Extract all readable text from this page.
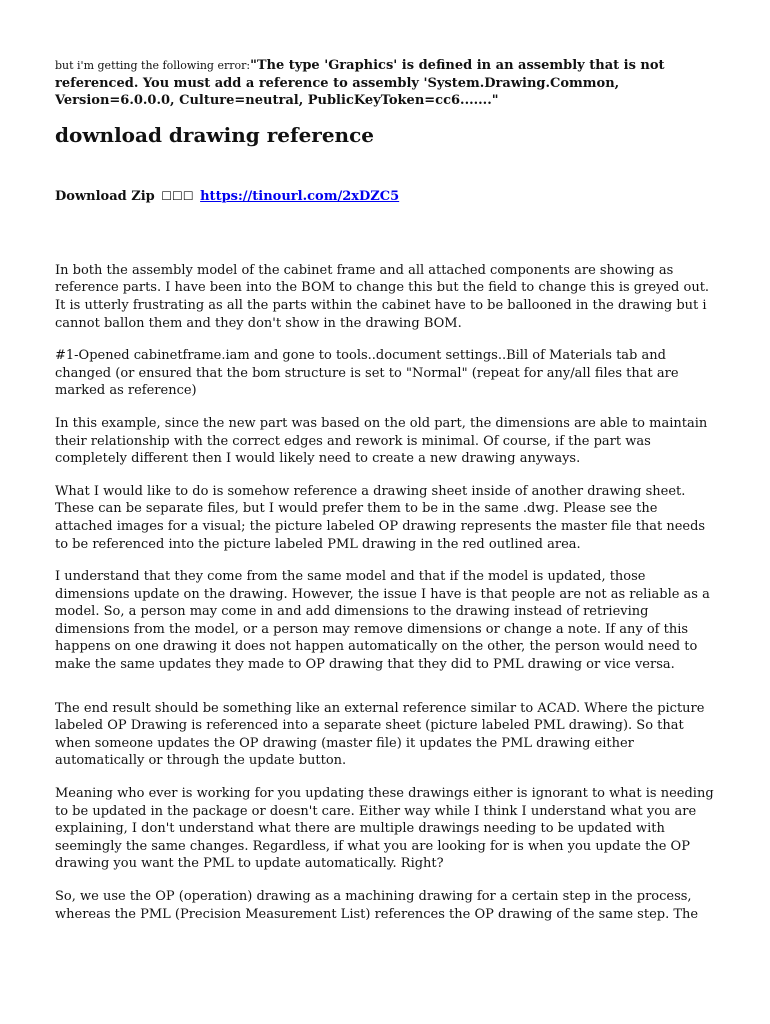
but i'm getting the following error:"The type 'Graphics' is defined in an assembly that is not referenced. You must add a reference to assembly 'System.Drawing.Common, Version=6.0.0.0, Culture=neutral, PublicKeyToken=cc6......."

download drawing reference

Download Zip ☐☐☐ https://tinourl.com/2xDZC5

In both the assembly model of the cabinet frame and all attached components are showing as reference parts. I have been into the BOM to change this but the field to change this is greyed out. It is utterly frustrating as all the parts within the cabinet have to be ballooned in the drawing but i cannot ballon them and they don't show in the drawing BOM.

#1-Opened cabinetframe.iam and gone to tools..document settings..Bill of Materials tab and changed (or ensured that the bom structure is set to "Normal" (repeat for any/all files that are marked as reference)

In this example, since the new part was based on the old part, the dimensions are able to maintain their relationship with the correct edges and rework is minimal. Of course, if the part was completely different then I would likely need to create a new drawing anyways.

What I would like to do is somehow reference a drawing sheet inside of another drawing sheet. These can be separate files, but I would prefer them to be in the same .dwg. Please see the attached images for a visual; the picture labeled OP drawing represents the master file that needs to be referenced into the picture labeled PML drawing in the red outlined area.

I understand that they come from the same model and that if the model is updated, those dimensions update on the drawing. However, the issue I have is that people are not as reliable as a model. So, a person may come in and add dimensions to the drawing instead of retrieving dimensions from the model, or a person may remove dimensions or change a note. If any of this happens on one drawing it does not happen automatically on the other, the person would need to make the same updates they made to OP drawing that they did to PML drawing or vice versa.

The end result should be something like an external reference similar to ACAD. Where the picture labeled OP Drawing is referenced into a separate sheet (picture labeled PML drawing). So that when someone updates the OP drawing (master file) it updates the PML drawing either automatically or through the update button.

Meaning who ever is working for you updating these drawings either is ignorant to what is needing to be updated in the package or doesn't care. Either way while I think I understand what you are explaining, I don't understand what there are multiple drawings needing to be updated with seemingly the same changes. Regardless, if what you are looking for is when you update the OP drawing you want the PML to update automatically. Right?

So, we use the OP (operation) drawing as a machining drawing for a certain step in the process, whereas the PML (Precision Measurement List) references the OP drawing of the same step. The
